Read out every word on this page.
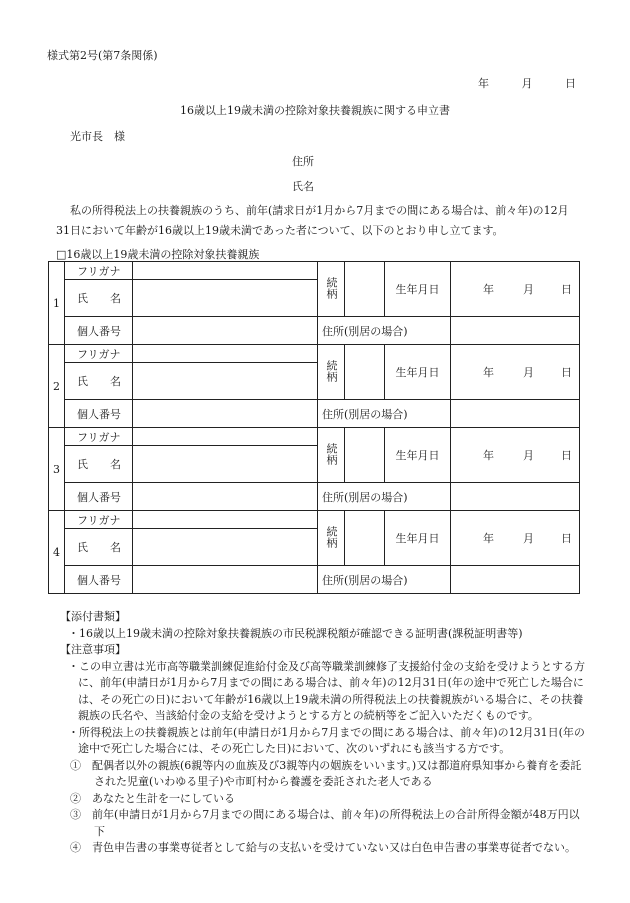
様式第2号(第7条関係)
年	月	日
16歳以上19歳未満の控除対象扶養親族に関する申立書
光市長　様
住所
氏名
私の所得税法上の扶養親族のうち、前年(請求日が1月から7月までの間にある場合は、前々年)の12月31日において年齢が16歳以上19歳未満であった者について、以下のとおり申し立てます。
□16歳以上19歳未満の控除対象扶養親族
1	フリガナ		続柄		生年月日	年 月 日
	氏　　名					
	個人番号		住所(別居の場合)			
2	フリガナ		続柄		生年月日	年 月 日
	氏　　名					
	個人番号		住所(別居の場合)			
3	フリガナ		続柄		生年月日	年 月 日
	氏　　名					
	個人番号		住所(別居の場合)			
4	フリガナ		続柄		生年月日	年 月 日
	氏　　名					
	個人番号		住所(別居の場合)			

【添付書類】

・16歳以上19歳未満の控除対象扶養親族の市民税課税額が確認できる証明書(課税証明書等)

【注意事項】

・この申立書は光市高等職業訓練促進給付金及び高等職業訓練修了支援給付金の支給を受けようとする方に、前年(申請日が1月から7月までの間にある場合は、前々年)の12月31日(年の途中で死亡した場合には、その死亡の日)において年齢が16歳以上19歳未満の所得税法上の扶養親族がいる場合に、その扶養親族の氏名や、当該給付金の支給を受けようとする方との続柄等をご記入いただくものです。

・所得税法上の扶養親族とは前年(申請日が1月から7月までの間にある場合は、前々年)の12月31日(年の途中で死亡した場合には、その死亡した日)において、次のいずれにも該当する方です。

①　配偶者以外の親族(6親等内の血族及び3親等内の姻族をいいます。)又は都道府県知事から養育を委託された児童(いわゆる里子)や市町村から養護を委託された老人である

②　あなたと生計を一にしている

③　前年(申請日が1月から7月までの間にある場合は、前々年)の所得税法上の合計所得金額が48万円以下

④　青色申告書の事業専従者として給与の支払いを受けていない又は白色申告書の事業専従者でない。
